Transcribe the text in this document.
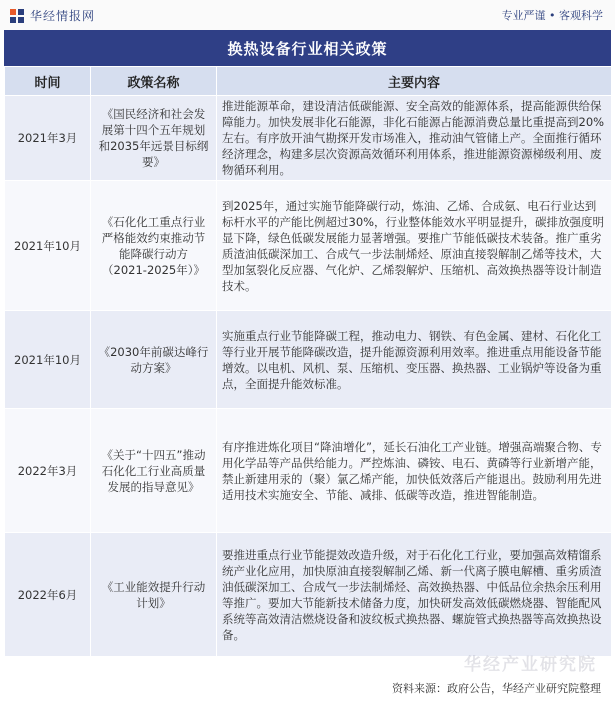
华经情报网	专业严谨 • 客观科学
换热设备行业相关政策
时间	政策名称	主要内容
2021年3月	《国民经济和社会发展第十四个五年规划和2035年远景目标纲要》	推进能源革命，建设清洁低碳能源、安全高效的能源体系，提高能源供给保障能力。加快发展非化石能源，非化石能源占能源消费总量比重提高到20%左右。有序放开油气勘探开发市场准入，推动油气管储上产。全面推行循环经济理念，构建多层次资源高效循环利用体系，推进能源资源梯级利用、废物循环利用。
2021年10月	《石化化工重点行业严格能效约束推动节能降碳行动方（2021-2025年）》	到2025年，通过实施节能降碳行动，炼油、乙烯、合成氨、电石行业达到标杆水平的产能比例超过30%，行业整体能效水平明显提升，碳排放强度明显下降，绿色低碳发展能力显著增强。要推广节能低碳技术装备。推广重劣质渣油低碳深加工、合成气一步法制烯烃、原油直接裂解制乙烯等技术，大型加氢裂化反应器、气化炉、乙烯裂解炉、压缩机、高效换热器等设计制造技术。
2021年10月	《2030年前碳达峰行动方案》	实施重点行业节能降碳工程，推动电力、钢铁、有色金属、建材、石化化工等行业开展节能降碳改造，提升能源资源利用效率。推进重点用能设备节能增效。以电机、风机、泵、压缩机、变压器、换热器、工业锅炉等设备为重点，全面提升能效标准。
2022年3月	《关于“十四五”推动石化化工行业高质量发展的指导意见》	有序推进炼化项目“降油增化”，延长石油化工产业链。增强高端聚合物、专用化学品等产品供给能力。严控炼油、磷铵、电石、黄磷等行业新增产能，禁止新建用汞的（聚）氯乙烯产能，加快低效落后产能退出。鼓励利用先进适用技术实施安全、节能、减排、低碳等改造，推进智能制造。
2022年6月	《工业能效提升行动计划》	要推进重点行业节能提效改造升级，对于石化化工行业，要加强高效精馏系统产业化应用，加快原油直接裂解制乙烯、新一代离子膜电解槽、重劣质渣油低碳深加工、合成气一步法制烯烃、高效换热器、中低品位余热余压利用等推广。要加大节能新技术储备力度，加快研发高效低碳燃烧器、智能配风系统等高效清洁燃烧设备和波纹板式换热器、螺旋管式换热器等高效换热设备。
华经产业研究院
资料来源：政府公告，华经产业研究院整理
